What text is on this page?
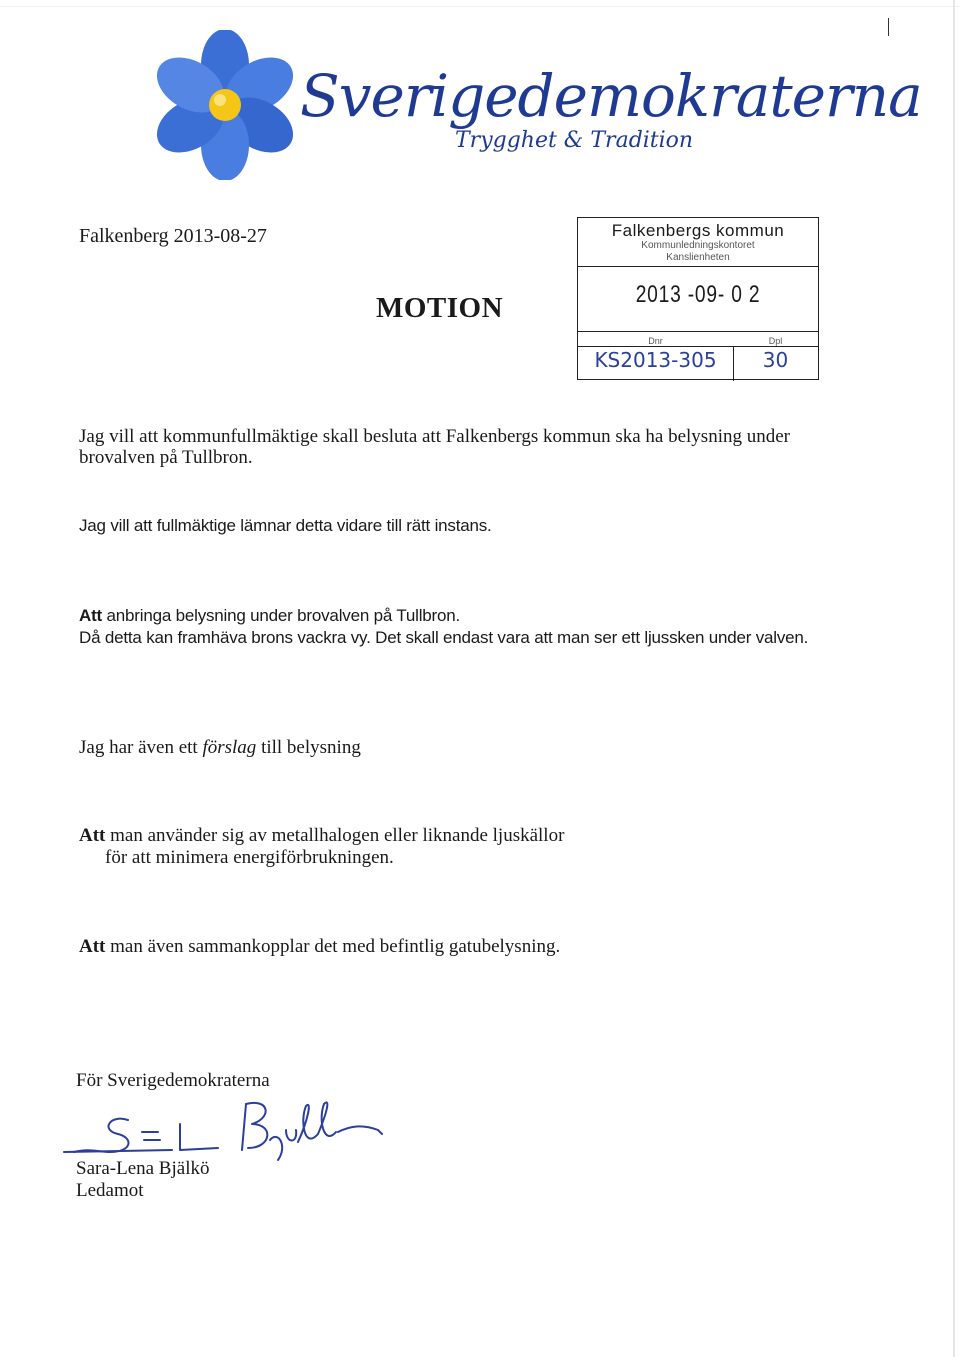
Sverigedemokraterna
Trygghet & Tradition
Falkenberg 2013-08-27
MOTION
Falkenbergs kommun
Kommunledningskontoret
Kanslienheten
2013 -09- 0 2
Dnr	Dpl
KS2013-305	30
Jag vill att kommunfullmäktige skall besluta att Falkenbergs kommun ska ha belysning under brovalven på Tullbron.
Jag vill att fullmäktige lämnar detta vidare till rätt instans.
Att anbringa belysning under brovalven på Tullbron.
Då detta kan framhäva brons vackra vy. Det skall endast vara att man ser ett ljussken under valven.
Jag har även ett förslag till belysning
Att man använder sig av metallhalogen eller liknande ljuskällor
för att minimera energiförbrukningen.
Att man även sammankopplar det med befintlig gatubelysning.
För Sverigedemokraterna
Sara-Lena Bjälkö
Ledamot
